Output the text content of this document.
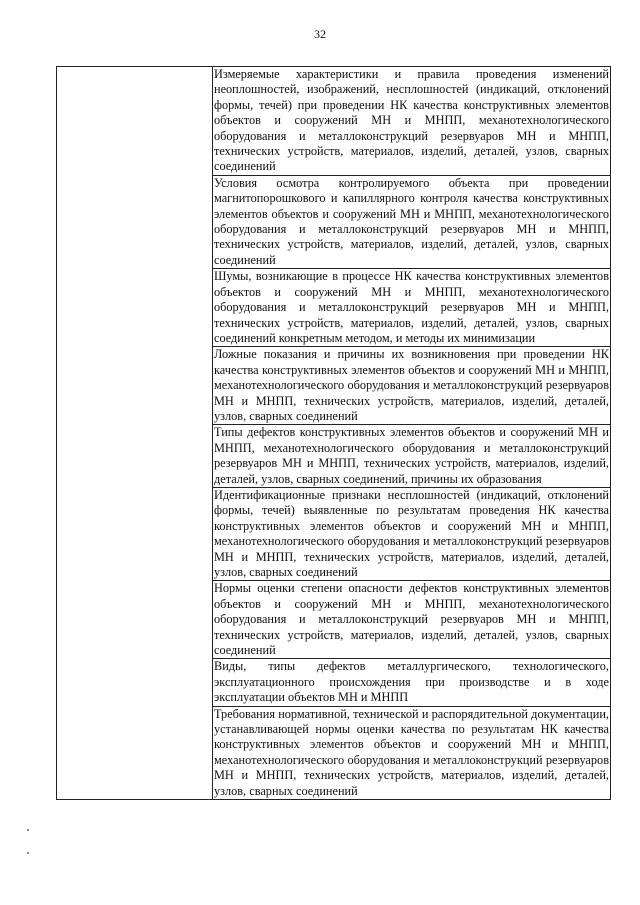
32

Измеряемые характеристики и правила проведения изменений неоплошностей, изображений, несплошностей (индикаций, отклонений формы, течей) при проведении НК качества конструктивных элементов объектов и сооружений МН и МНПП, механотехнологического оборудования и металлоконструкций резервуаров МН и МНПП, технических устройств, материалов, изделий, деталей, узлов, сварных соединений

Условия осмотра контролируемого объекта при проведении магнитопорошкового и капиллярного контроля качества конструктивных элементов объектов и сооружений МН и МНПП, механотехнологического оборудования и металлоконструкций резервуаров МН и МНПП, технических устройств, материалов, изделий, деталей, узлов, сварных соединений

Шумы, возникающие в процессе НК качества конструктивных элементов объектов и сооружений МН и МНПП, механотехнологического оборудования и металлоконструкций резервуаров МН и МНПП, технических устройств, материалов, изделий, деталей, узлов, сварных соединений конкретным методом, и методы их минимизации

Ложные показания и причины их возникновения при проведении НК качества конструктивных элементов объектов и сооружений МН и МНПП, механотехнологического оборудования и металлоконструкций резервуаров МН и МНПП, технических устройств, материалов, изделий, деталей, узлов, сварных соединений

Типы дефектов конструктивных элементов объектов и сооружений МН и МНПП, механотехнологического оборудования и металлоконструкций резервуаров МН и МНПП, технических устройств, материалов, изделий, деталей, узлов, сварных соединений, причины их образования

Идентификационные признаки несплошностей (индикаций, отклонений формы, течей) выявленные по результатам проведения НК качества конструктивных элементов объектов и сооружений МН и МНПП, механотехнологического оборудования и металлоконструкций резервуаров МН и МНПП, технических устройств, материалов, изделий, деталей, узлов, сварных соединений

Нормы оценки степени опасности дефектов конструктивных элементов объектов и сооружений МН и МНПП, механотехнологического оборудования и металлоконструкций резервуаров МН и МНПП, технических устройств, материалов, изделий, деталей, узлов, сварных соединений

Виды, типы дефектов металлургического, технологического, эксплуатационного происхождения при производстве и в ходе эксплуатации объектов МН и МНПП

Требования нормативной, технической и распорядительной документации, устанавливающей нормы оценки качества по результатам НК качества конструктивных элементов объектов и сооружений МН и МНПП, механотехнологического оборудования и металлоконструкций резервуаров МН и МНПП, технических устройств, материалов, изделий, деталей, узлов, сварных соединений
